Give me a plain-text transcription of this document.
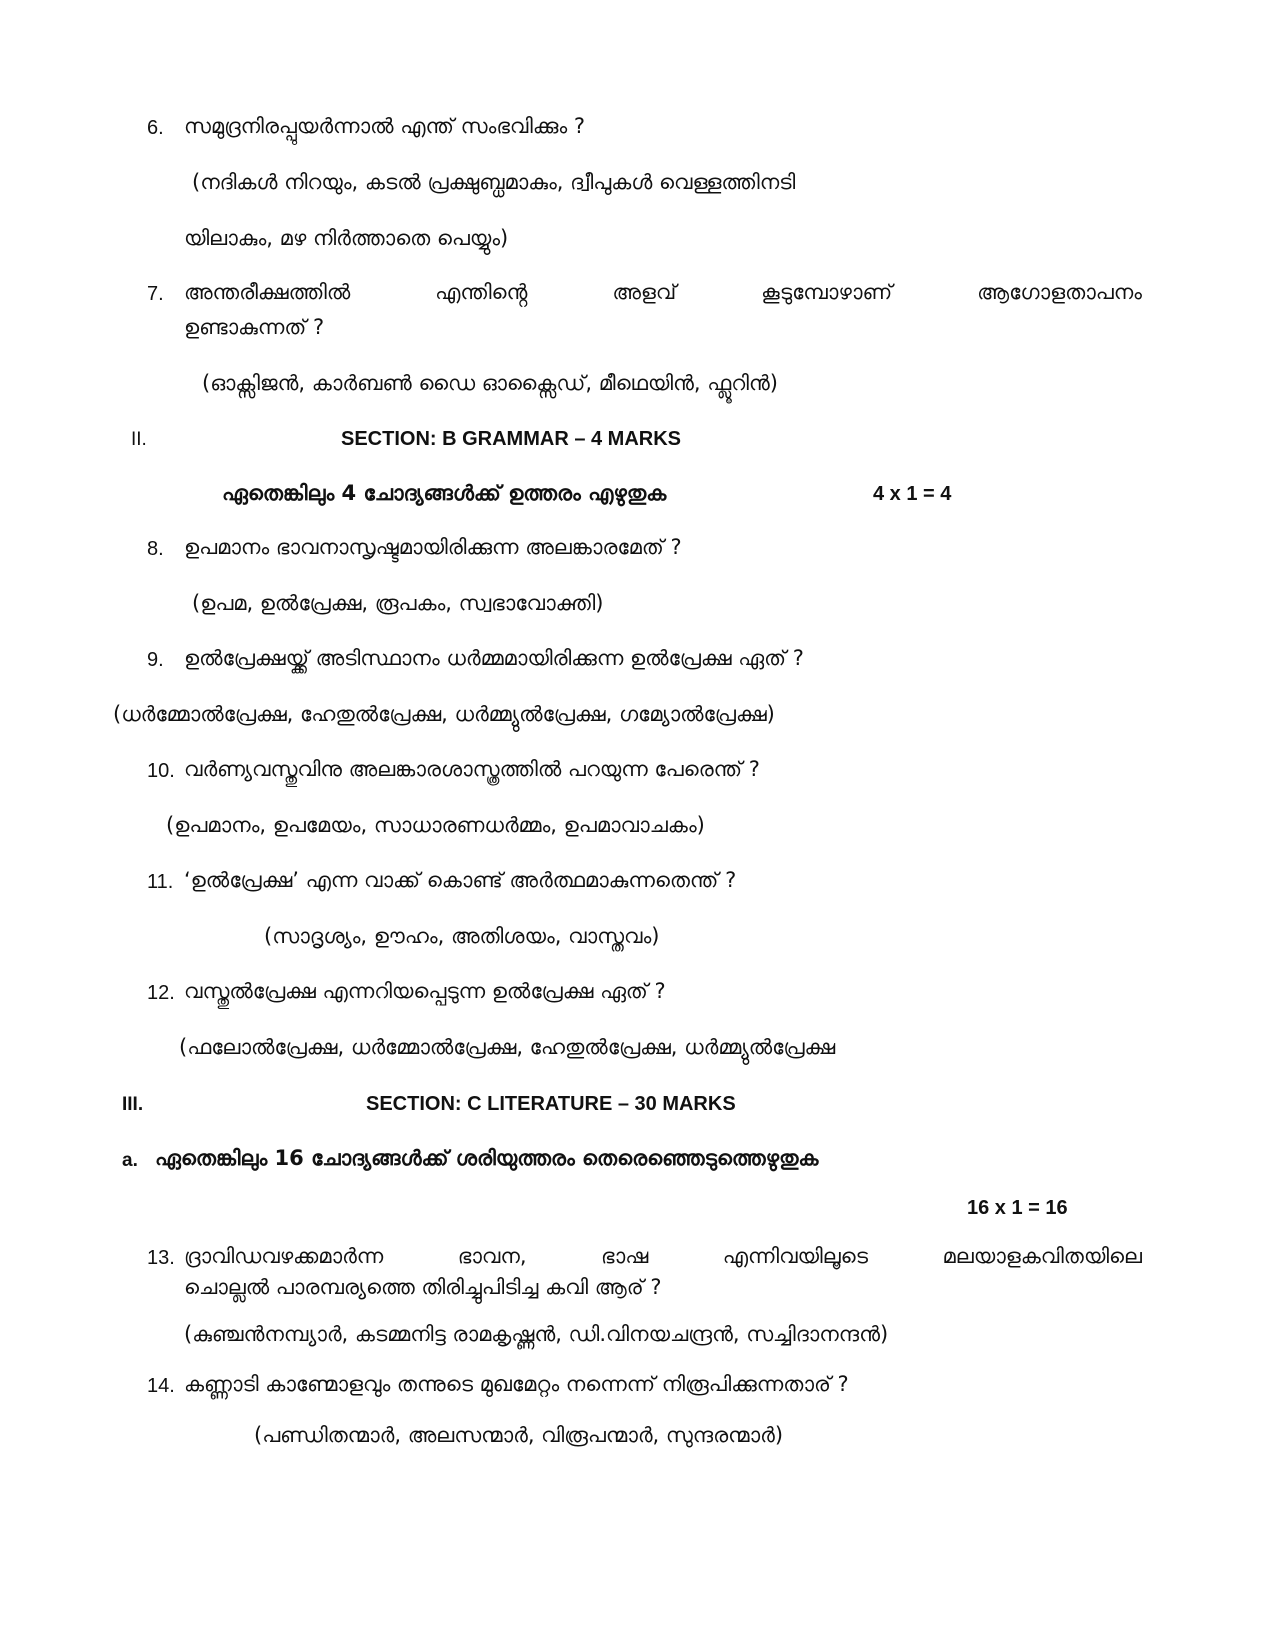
6. സമുദ്രനിരപ്പുയർന്നാൽ എന്ത് സംഭവിക്കും ?
(നദികൾ നിറയും, കടൽ പ്രക്ഷുബ്ധമാകും, ദ്വീപുകൾ വെള്ളത്തിനടി
യിലാകും, മഴ നിർത്താതെ പെയ്യും)
7. അന്തരീക്ഷത്തിൽ	എന്തിൻ്റെ	അളവ്	കൂടുമ്പോഴാണ്	ആഗോളതാപനം
ഉണ്ടാകുന്നത് ?
(ഓക്സിജൻ, കാർബൺ ഡൈ ഓക്സൈഡ്, മീഥെയിൻ, ഫ്ലൂറിൻ)
II.	SECTION: B GRAMMAR – 4 MARKS
ഏതെങ്കിലും 4 ചോദ്യങ്ങൾക്ക് ഉത്തരം എഴുതുക	4 x 1 = 4
8. ഉപമാനം ഭാവനാസൃഷ്ടമായിരിക്കുന്ന അലങ്കാരമേത് ?
(ഉപമ, ഉൽപ്രേക്ഷ, രൂപകം, സ്വഭാവോക്തി)
9. ഉൽപ്രേക്ഷയ്ക്ക് അടിസ്ഥാനം ധർമ്മമായിരിക്കുന്ന ഉൽപ്രേക്ഷ ഏത് ?
(ധർമ്മോൽപ്രേക്ഷ, ഹേതുൽപ്രേക്ഷ, ധർമ്മ്യുൽപ്രേക്ഷ, ഗമ്യോൽപ്രേക്ഷ)
10. വർണ്യവസ്തുവിനു അലങ്കാരശാസ്ത്രത്തിൽ പറയുന്ന പേരെന്ത് ?
(ഉപമാനം, ഉപമേയം, സാധാരണധർമ്മം, ഉപമാവാചകം)
11. ‘ഉൽപ്രേക്ഷ’ എന്ന വാക്ക് കൊണ്ട് അർത്ഥമാകുന്നതെന്ത് ?
(സാദൃശ്യം, ഊഹം, അതിശയം, വാസ്തവം)
12. വസ്തുൽപ്രേക്ഷ എന്നറിയപ്പെടുന്ന ഉൽപ്രേക്ഷ ഏത് ?
(ഫലോൽപ്രേക്ഷ, ധർമ്മോൽപ്രേക്ഷ, ഹേതുൽപ്രേക്ഷ, ധർമ്മ്യുൽപ്രേക്ഷ
III.	SECTION: C LITERATURE – 30 MARKS
a. ഏതെങ്കിലും 16 ചോദ്യങ്ങൾക്ക് ശരിയുത്തരം തെരെഞ്ഞെടുത്തെഴുതുക
16 x 1 = 16
13. ദ്രാവിഡവഴക്കമാർന്ന	ഭാവന,	ഭാഷ	എന്നിവയിലൂടെ	മലയാളകവിതയിലെ
ചൊല്ലൽ പാരമ്പര്യത്തെ തിരിച്ചുപിടിച്ച കവി ആര് ?
(കുഞ്ചൻനമ്പ്യാർ, കടമ്മനിട്ട രാമകൃഷ്ണൻ, ഡി.വിനയചന്ദ്രൻ, സച്ചിദാനന്ദൻ)
14. കണ്ണാടി കാണ്മോളവും തന്നുടെ മുഖമേറ്റം നന്നെന്ന് നിരൂപിക്കുന്നതാര് ?
(പണ്ഡിതന്മാർ, അലസന്മാർ, വിരൂപന്മാർ, സുന്ദരന്മാർ)
